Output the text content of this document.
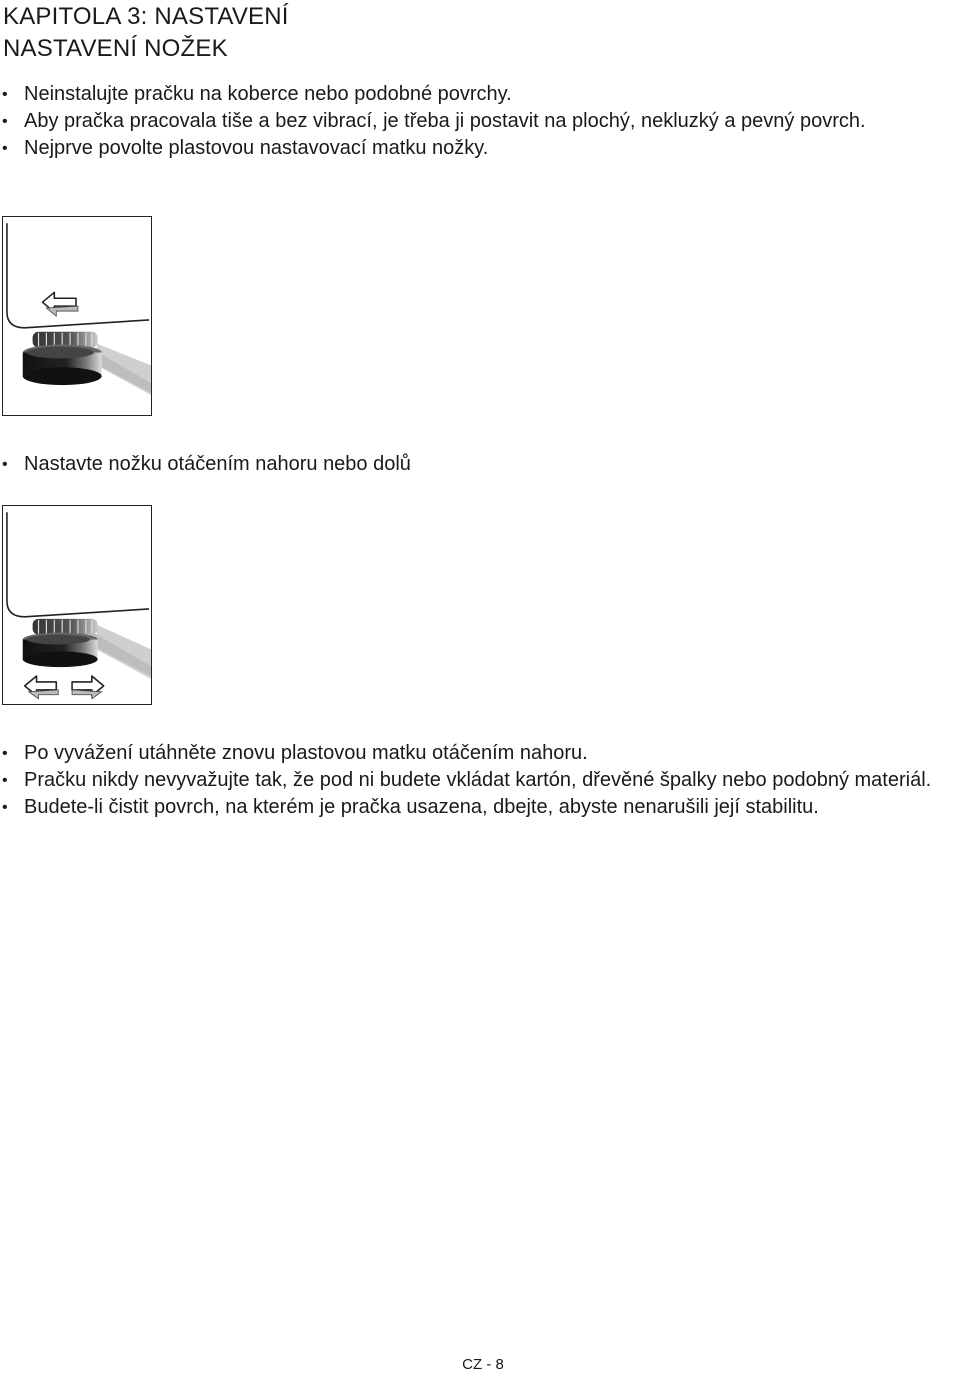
KAPITOLA 3: NASTAVENÍ
NASTAVENÍ NOŽEK
• Neinstalujte pračku na koberce nebo podobné povrchy.
• Aby pračka pracovala tiše a bez vibrací, je třeba ji postavit na plochý, nekluzký a pevný povrch.
• Nejprve povolte plastovou nastavovací matku nožky.
• Nastavte nožku otáčením nahoru nebo dolů
• Po vyvážení utáhněte znovu plastovou matku otáčením nahoru.
• Pračku nikdy nevyvažujte tak, že pod ni budete vkládat kartón, dřevěné špalky nebo podobný materiál.
• Budete-li čistit povrch, na kterém je pračka usazena, dbejte, abyste nenarušili její stabilitu.
CZ - 8
